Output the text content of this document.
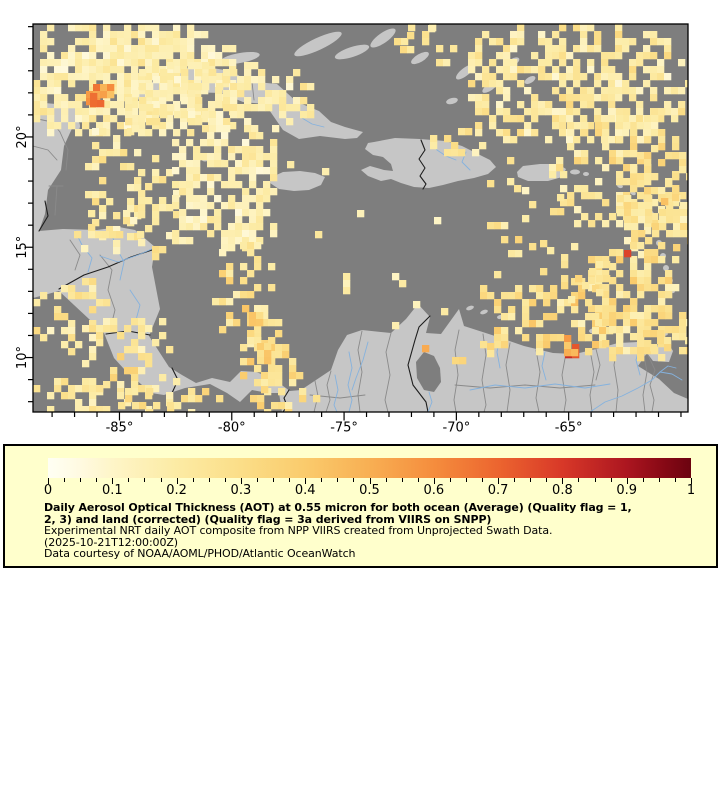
-85°	-80°	-75°	-70°	-65°
20°
15°
10°
0	0.1	0.2	0.3	0.4	0.5	0.6	0.7	0.8	0.9	1
Daily Aerosol Optical Thickness (AOT) at 0.55 micron for both ocean (Average) (Quality flag = 1,
2, 3) and land (corrected) (Quality flag = 3a derived from VIIRS on SNPP)
Experimental NRT daily AOT composite from NPP VIIRS created from Unprojected Swath Data.
(2025-10-21T12:00:00Z)
Data courtesy of NOAA/AOML/PHOD/Atlantic OceanWatch
